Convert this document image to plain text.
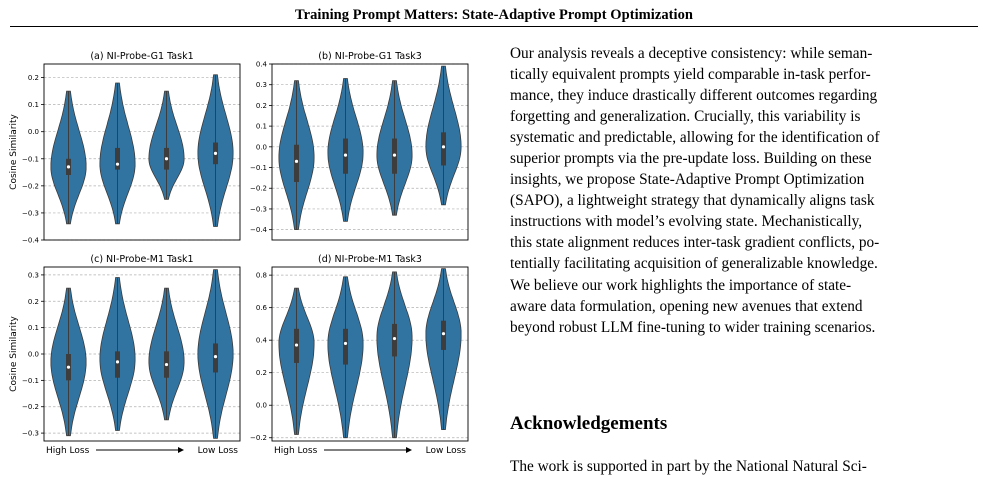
Training Prompt Matters: State-Adaptive Prompt Optimization
−0.4
−0.3
−0.2
−0.1
0.0
0.1
0.2
(a) NI-Probe-G1 Task1
Cosine Similarity
−0.4
−0.3
−0.2
−0.1
0.0
0.1
0.2
0.3
0.4
(b) NI-Probe-G1 Task3
−0.3
−0.2
−0.1
0.0
0.1
0.2
0.3
(c) NI-Probe-M1 Task1
Cosine Similarity
High Loss	Low Loss
−0.2
0.0
0.2
0.4
0.6
0.8
(d) NI-Probe-M1 Task3
High Loss	Low Loss

Our analysis reveals a deceptive consistency: while seman-
tically equivalent prompts yield comparable in-task perfor-
mance, they induce drastically different outcomes regarding
forgetting and generalization. Crucially, this variability is
systematic and predictable, allowing for the identification of
superior prompts via the pre-update loss. Building on these
insights, we propose State-Adaptive Prompt Optimization
(SAPO), a lightweight strategy that dynamically aligns task
instructions with model’s evolving state. Mechanistically,
this state alignment reduces inter-task gradient conflicts, po-
tentially facilitating acquisition of generalizable knowledge.
We believe our work highlights the importance of state-
aware data formulation, opening new avenues that extend
beyond robust LLM fine-tuning to wider training scenarios.

Acknowledgements
The work is supported in part by the National Natural Sci-
